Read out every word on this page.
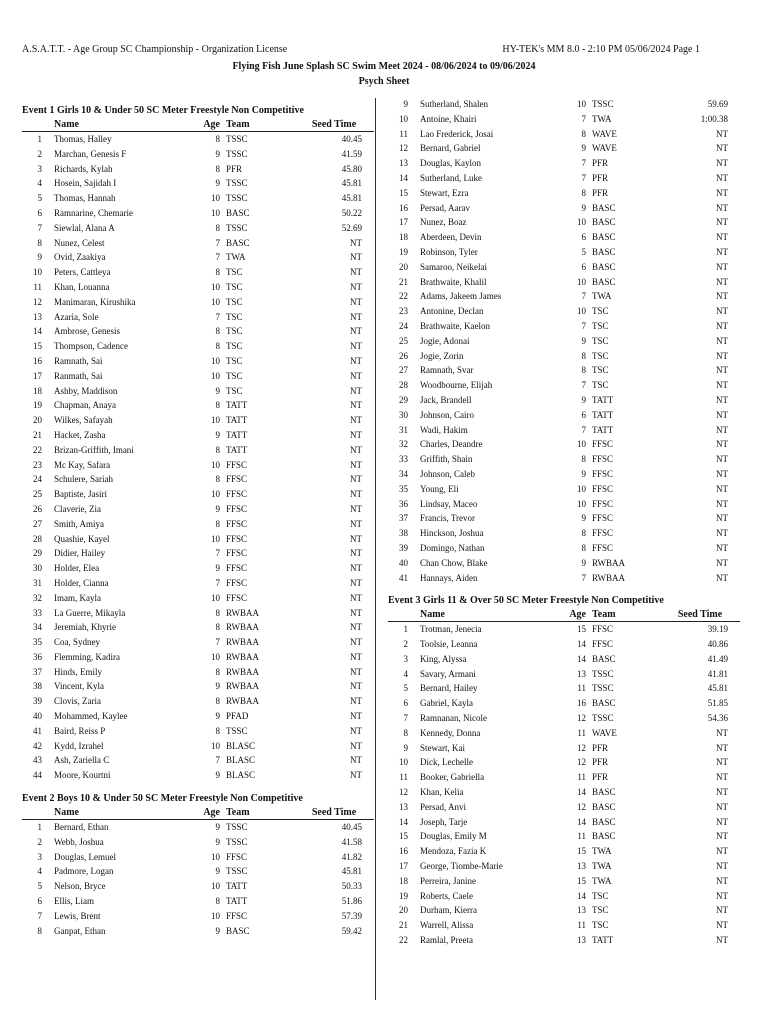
A.S.A.T.T. - Age Group SC Championship - Organization License	HY-TEK's MM 8.0 - 2:10 PM 05/06/2024 Page 1
Flying Fish June Splash SC Swim Meet 2024 - 08/06/2024 to 09/06/2024
Psych Sheet
Event 1 Girls 10 & Under 50 SC Meter Freestyle Non Competitive
Name	Age Team	Seed Time
1	Thomas, Halley	8 TSSC	40.45
2	Marchan, Genesis F	9 TSSC	41.59
3	Richards, Kylah	8 PFR	45.80
4	Hosein, Sajidah I	9 TSSC	45.81
5	Thomas, Hannah	10 TSSC	45.81
6	Ramnarine, Chemarie	10 BASC	50.22
7	Siewlal, Alana A	8 TSSC	52.69
8	Nunez, Celest	7 BASC	NT
9	Ovid, Zaakiya	7 TWA	NT
10	Peters, Cattleya	8 TSC	NT
11	Khan, Louanna	10 TSC	NT
12	Manimaran, Kirushika	10 TSC	NT
13	Azaria, Sole	7 TSC	NT
14	Ambrose, Genesis	8 TSC	NT
15	Thompson, Cadence	8 TSC	NT
16	Ramnath, Sai	10 TSC	NT
17	Ranmath, Sai	10 TSC	NT
18	Ashby, Maddison	9 TSC	NT
19	Chapman, Anaya	8 TATT	NT
20	Wilkes, Safayah	10 TATT	NT
21	Hacket, Zasha	9 TATT	NT
22	Brizan-Griffith, Imani	8 TATT	NT
23	Mc Kay, Safara	10 FFSC	NT
24	Schulere, Sariah	8 FFSC	NT
25	Baptiste, Jasiri	10 FFSC	NT
26	Claverie, Zia	9 FFSC	NT
27	Smith, Amiya	8 FFSC	NT
28	Quashie, Kayel	10 FFSC	NT
29	Didier, Hailey	7 FFSC	NT
30	Holder, Elea	9 FFSC	NT
31	Holder, Cianna	7 FFSC	NT
32	Imam, Kayla	10 FFSC	NT
33	La Guerre, Mikayla	8 RWBAA	NT
34	Jeremiah, Khyrie	8 RWBAA	NT
35	Coa, Sydney	7 RWBAA	NT
36	Flemming, Kadira	10 RWBAA	NT
37	Hinds, Emily	8 RWBAA	NT
38	Vincent, Kyla	9 RWBAA	NT
39	Clovis, Zaria	8 RWBAA	NT
40	Mohammed, Kaylee	9 PFAD	NT
41	Baird, Reiss P	8 TSSC	NT
42	Kydd, Izrahel	10 BLASC	NT
43	Ash, Zariella C	7 BLASC	NT
44	Moore, Kourtni	9 BLASC	NT
Event 2 Boys 10 & Under 50 SC Meter Freestyle Non Competitive
Name	Age Team	Seed Time
1	Bernard, Ethan	9 TSSC	40.45
2	Webb, Joshua	9 TSSC	41.58
3	Douglas, Lemuel	10 FFSC	41.82
4	Padmore, Logan	9 TSSC	45.81
5	Nelson, Bryce	10 TATT	50.33
6	Ellis, Liam	8 TATT	51.86
7	Lewis, Brent	10 FFSC	57.39
8	Ganpat, Ethan	9 BASC	59.42
9	Sutherland, Shalen	10 TSSC	59.69
10	Antoine, Khairi	7 TWA	1:00.38
11	Lao Frederick, Josai	8 WAVE	NT
12	Bernard, Gabriel	9 WAVE	NT
13	Douglas, Kaylon	7 PFR	NT
14	Sutherland, Luke	7 PFR	NT
15	Stewart, Ezra	8 PFR	NT
16	Persad, Aarav	9 BASC	NT
17	Nunez, Boaz	10 BASC	NT
18	Aberdeen, Devin	6 BASC	NT
19	Robinson, Tyler	5 BASC	NT
20	Samaroo, Neikelai	6 BASC	NT
21	Brathwaite, Khalil	10 BASC	NT
22	Adams, Jakeem James	7 TWA	NT
23	Antonine, Declan	10 TSC	NT
24	Brathwaite, Kaelon	7 TSC	NT
25	Jogie, Adonai	9 TSC	NT
26	Jogie, Zorin	8 TSC	NT
27	Ramnath, Svar	8 TSC	NT
28	Woodbourne, Elijah	7 TSC	NT
29	Jack, Brandell	9 TATT	NT
30	Johnson, Cairo	6 TATT	NT
31	Wadi, Hakim	7 TATT	NT
32	Charles, Deandre	10 FFSC	NT
33	Griffith, Shain	8 FFSC	NT
34	Johnson, Caleb	9 FFSC	NT
35	Young, Eli	10 FFSC	NT
36	Lindsay, Maceo	10 FFSC	NT
37	Francis, Trevor	9 FFSC	NT
38	Hinckson, Joshua	8 FFSC	NT
39	Domingo, Nathan	8 FFSC	NT
40	Chan Chow, Blake	9 RWBAA	NT
41	Hannays, Aiden	7 RWBAA	NT
Event 3 Girls 11 & Over 50 SC Meter Freestyle Non Competitive
Name	Age Team	Seed Time
1	Trotman, Jenecia	15 FFSC	39.19
2	Toolsie, Leanna	14 FFSC	40.86
3	King, Alyssa	14 BASC	41.49
4	Savary, Armani	13 TSSC	41.81
5	Bernard, Hailey	11 TSSC	45.81
6	Gabriel, Kayla	16 BASC	51.85
7	Ramnanan, Nicole	12 TSSC	54.36
8	Kennedy, Donna	11 WAVE	NT
9	Stewart, Kai	12 PFR	NT
10	Dick, Lechelle	12 PFR	NT
11	Booker, Gabriella	11 PFR	NT
12	Khan, Kelia	14 BASC	NT
13	Persad, Anvi	12 BASC	NT
14	Joseph, Tarje	14 BASC	NT
15	Douglas, Emily M	11 BASC	NT
16	Mendoza, Fazia K	15 TWA	NT
17	George, Tiombe-Marie	13 TWA	NT
18	Perreira, Janine	15 TWA	NT
19	Roberts, Caele	14 TSC	NT
20	Durham, Kierra	13 TSC	NT
21	Warrell, Alissa	11 TSC	NT
22	Ramlal, Preeta	13 TATT	NT
